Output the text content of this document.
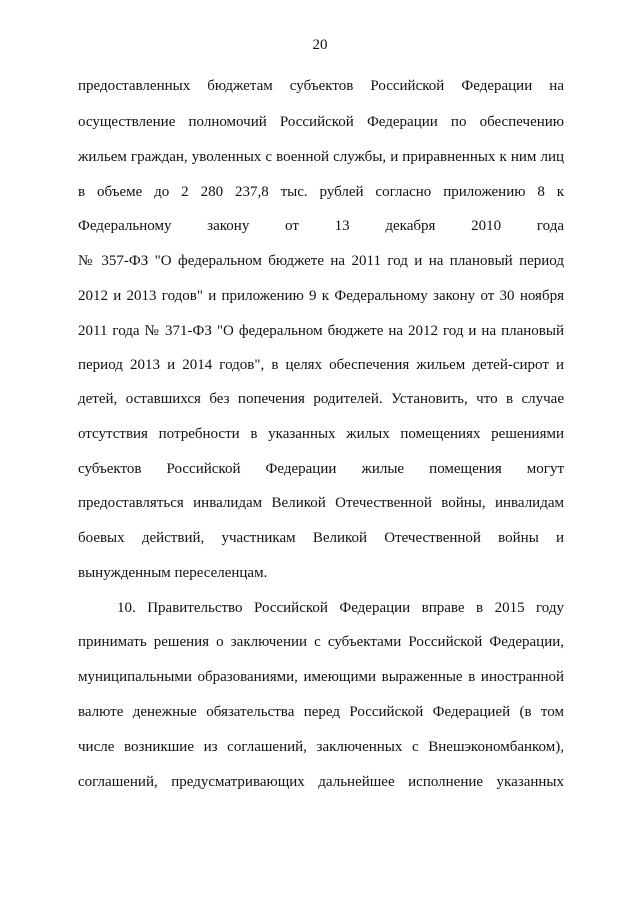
20
предоставленных бюджетам субъектов Российской Федерации на
осуществление полномочий Российской Федерации по обеспечению
жильем граждан, уволенных с военной службы, и приравненных к ним лиц
в объеме до 2 280 237,8 тыс. рублей согласно приложению 8 к
Федеральному закону от 13 декабря 2010 года
№ 357-ФЗ "О федеральном бюджете на 2011 год и на плановый период
2012 и 2013 годов" и приложению 9 к Федеральному закону от 30 ноября
2011 года № 371-ФЗ "О федеральном бюджете на 2012 год и на плановый
период 2013 и 2014 годов", в целях обеспечения жильем детей-сирот и
детей, оставшихся без попечения родителей. Установить, что в случае
отсутствия потребности в указанных жилых помещениях решениями
субъектов Российской Федерации жилые помещения могут
предоставляться инвалидам Великой Отечественной войны, инвалидам
боевых действий, участникам Великой Отечественной войны и
вынужденным переселенцам.
10. Правительство Российской Федерации вправе в 2015 году
принимать решения о заключении с субъектами Российской Федерации,
муниципальными образованиями, имеющими выраженные в иностранной
валюте денежные обязательства перед Российской Федерацией (в том
числе возникшие из соглашений, заключенных с Внешэкономбанком),
соглашений, предусматривающих дальнейшее исполнение указанных
